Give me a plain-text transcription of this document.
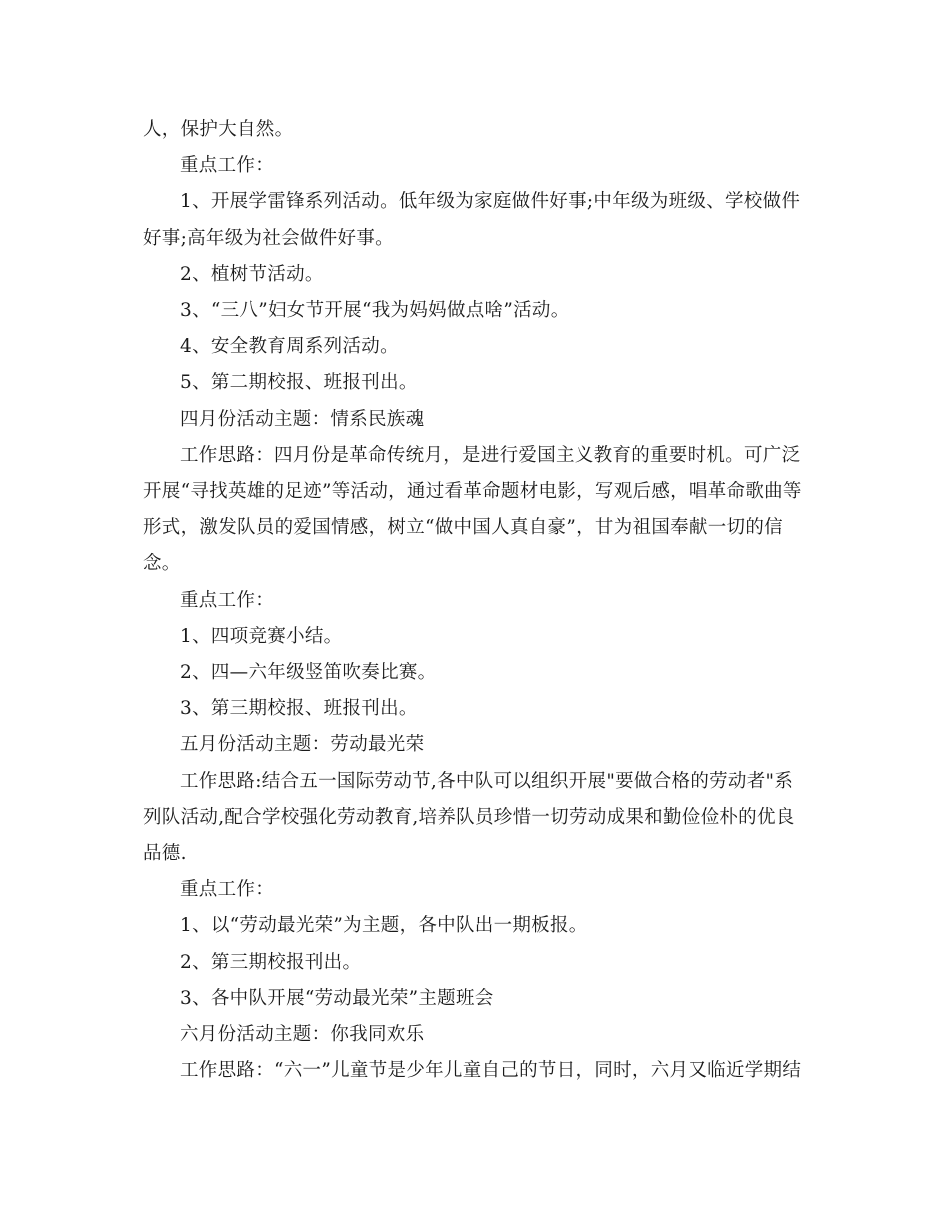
人，保护大自然。

重点工作：

1、开展学雷锋系列活动。低年级为家庭做件好事;中年级为班级、学校做件好事;高年级为社会做件好事。

2、植树节活动。

3、“三八”妇女节开展“我为妈妈做点啥”活动。

4、安全教育周系列活动。

5、第二期校报、班报刊出。

四月份活动主题：情系民族魂

工作思路：四月份是革命传统月，是进行爱国主义教育的重要时机。可广泛开展“寻找英雄的足迹”等活动，通过看革命题材电影，写观后感，唱革命歌曲等形式，激发队员的爱国情感，树立“做中国人真自豪”，甘为祖国奉献一切的信念。

重点工作：

1、四项竞赛小结。

2、四—六年级竖笛吹奏比赛。

3、第三期校报、班报刊出。

五月份活动主题：劳动最光荣

工作思路:结合五一国际劳动节,各中队可以组织开展"要做合格的劳动者"系列队活动,配合学校强化劳动教育,培养队员珍惜一切劳动成果和勤俭俭朴的优良品德.

重点工作：

1、以“劳动最光荣”为主题，各中队出一期板报。

2、第三期校报刊出。

3、各中队开展“劳动最光荣”主题班会

六月份活动主题：你我同欢乐

工作思路：“六一”儿童节是少年儿童自己的节日，同时，六月又临近学期结
